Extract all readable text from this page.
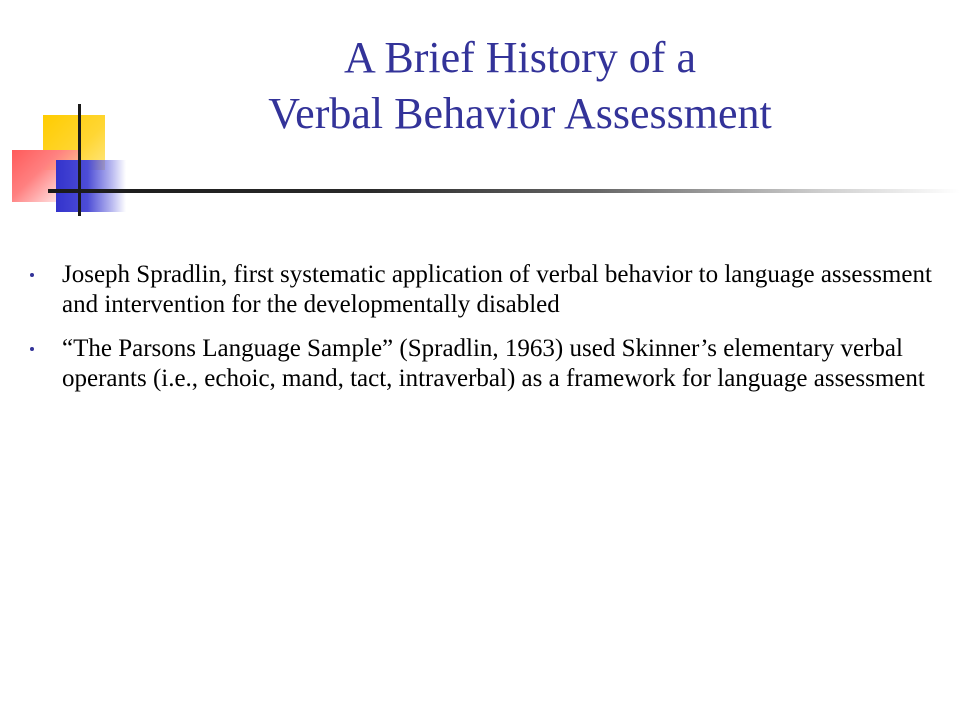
A Brief History of a
Verbal Behavior Assessment
Joseph Spradlin, first systematic application of verbal behavior to language assessment and intervention for the developmentally disabled
“The Parsons Language Sample” (Spradlin, 1963) used Skinner’s elementary verbal operants (i.e., echoic, mand, tact, intraverbal) as a framework for language assessment
